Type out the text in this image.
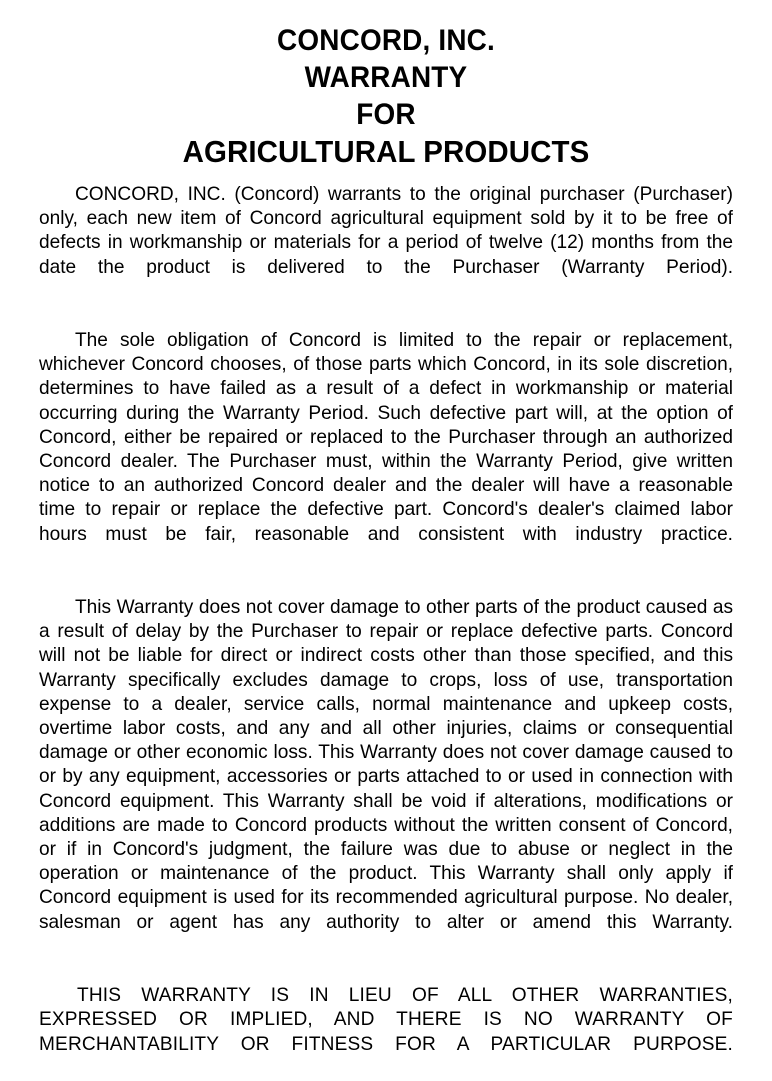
CONCORD, INC.
WARRANTY
FOR
AGRICULTURAL PRODUCTS

CONCORD, INC. (Concord) warrants to the original purchaser (Purchaser) only, each new item of Concord agricultural equipment sold by it to be free of defects in workmanship or materials for a period of twelve (12) months from the date the product is delivered to the Purchaser (Warranty Period).

The sole obligation of Concord is limited to the repair or replacement, whichever Concord chooses, of those parts which Concord, in its sole discretion, determines to have failed as a result of a defect in workmanship or material occurring during the Warranty Period. Such defective part will, at the option of Concord, either be repaired or replaced to the Purchaser through an authorized Concord dealer. The Purchaser must, within the Warranty Period, give written notice to an authorized Concord dealer and the dealer will have a reasonable time to repair or replace the defective part. Concord's dealer's claimed labor hours must be fair, reasonable and consistent with industry practice.

This Warranty does not cover damage to other parts of the product caused as a result of delay by the Purchaser to repair or replace defective parts. Concord will not be liable for direct or indirect costs other than those specified, and this Warranty specifically excludes damage to crops, loss of use, transportation expense to a dealer, service calls, normal maintenance and upkeep costs, overtime labor costs, and any and all other injuries, claims or consequential damage or other economic loss. This Warranty does not cover damage caused to or by any equipment, accessories or parts attached to or used in connection with Concord equipment. This Warranty shall be void if alterations, modifications or additions are made to Concord products without the written consent of Concord, or if in Concord's judgment, the failure was due to abuse or neglect in the operation or maintenance of the product. This Warranty shall only apply if Concord equipment is used for its recommended agricultural purpose. No dealer, salesman or agent has any authority to alter or amend this Warranty.

THIS WARRANTY IS IN LIEU OF ALL OTHER WARRANTIES, EXPRESSED OR IMPLIED, AND THERE IS NO WARRANTY OF MERCHANTABILITY OR FITNESS FOR A PARTICULAR PURPOSE.
